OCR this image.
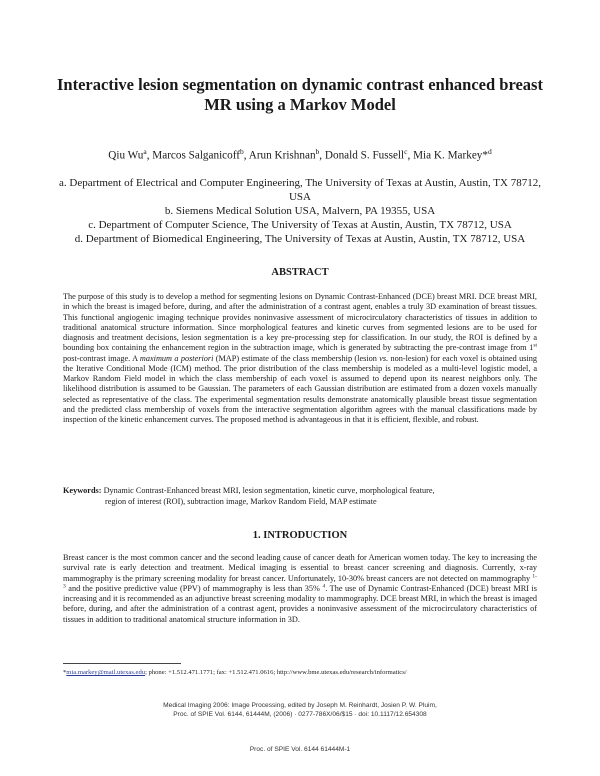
Interactive lesion segmentation on dynamic contrast enhanced breast
MR using a Markov Model
Qiu Wu$^a$, Marcos Salganicoff$^b$, Arun Krishnan$^b$, Donald S. Fussell$^c$, Mia K. Markey*$^d$
a. Department of Electrical and Computer Engineering, The University of Texas at Austin, Austin, TX 78712, USA
b. Siemens Medical Solution USA, Malvern, PA 19355, USA
c. Department of Computer Science, The University of Texas at Austin, Austin, TX 78712, USA
d. Department of Biomedical Engineering, The University of Texas at Austin, Austin, TX 78712, USA
ABSTRACT
The purpose of this study is to develop a method for segmenting lesions on Dynamic Contrast-Enhanced (DCE) breast MRI. DCE breast MRI, in which the breast is imaged before, during, and after the administration of a contrast agent, enables a truly 3D examination of breast tissues. This functional angiogenic imaging technique provides noninvasive assessment of microcirculatory characteristics of tissues in addition to traditional anatomical structure information. Since morphological features and kinetic curves from segmented lesions are to be used for diagnosis and treatment decisions, lesion segmentation is a key pre-processing step for classification. In our study, the ROI is defined by a bounding box containing the enhancement region in the subtraction image, which is generated by subtracting the pre-contrast image from 1st post-contrast image. A maximum a posteriori (MAP) estimate of the class membership (lesion vs. non-lesion) for each voxel is obtained using the Iterative Conditional Mode (ICM) method. The prior distribution of the class membership is modeled as a multi-level logistic model, a Markov Random Field model in which the class membership of each voxel is assumed to depend upon its nearest neighbors only. The likelihood distribution is assumed to be Gaussian. The parameters of each Gaussian distribution are estimated from a dozen voxels manually selected as representative of the class. The experimental segmentation results demonstrate anatomically plausible breast tissue segmentation and the predicted class membership of voxels from the interactive segmentation algorithm agrees with the manual classifications made by inspection of the kinetic enhancement curves. The proposed method is advantageous in that it is efficient, flexible, and robust.
Keywords: Dynamic Contrast-Enhanced breast MRI, lesion segmentation, kinetic curve, morphological feature,
region of interest (ROI), subtraction image, Markov Random Field, MAP estimate
1. INTRODUCTION
Breast cancer is the most common cancer and the second leading cause of cancer death for American women today. The key to increasing the survival rate is early detection and treatment. Medical imaging is essential to breast cancer screening and diagnosis. Currently, x-ray mammography is the primary screening modality for breast cancer. Unfortunately, 10-30% breast cancers are not detected on mammography $^{1-3}$ and the positive predictive value (PPV) of mammography is less than 35% $^4$. The use of Dynamic Contrast-Enhanced (DCE) breast MRI is increasing and it is recommended as an adjunctive breast screening modality to mammography. DCE breast MRI, in which the breast is imaged before, during, and after the administration of a contrast agent, provides a noninvasive assessment of the microcirculatory characteristics of tissues in addition to traditional anatomical structure information in 3D.
*mia.markey@mail.utexas.edu; phone: +1.512.471.1771; fax: +1.512.471.0616; http://www.bme.utexas.edu/research/informatics/
Medical Imaging 2006: Image Processing, edited by Joseph M. Reinhardt, Josien P. W. Pluim,
Proc. of SPIE Vol. 6144, 61444M, (2006) · 0277-786X/06/$15 · doi: 10.1117/12.654308
Proc. of SPIE Vol. 6144 61444M-1
